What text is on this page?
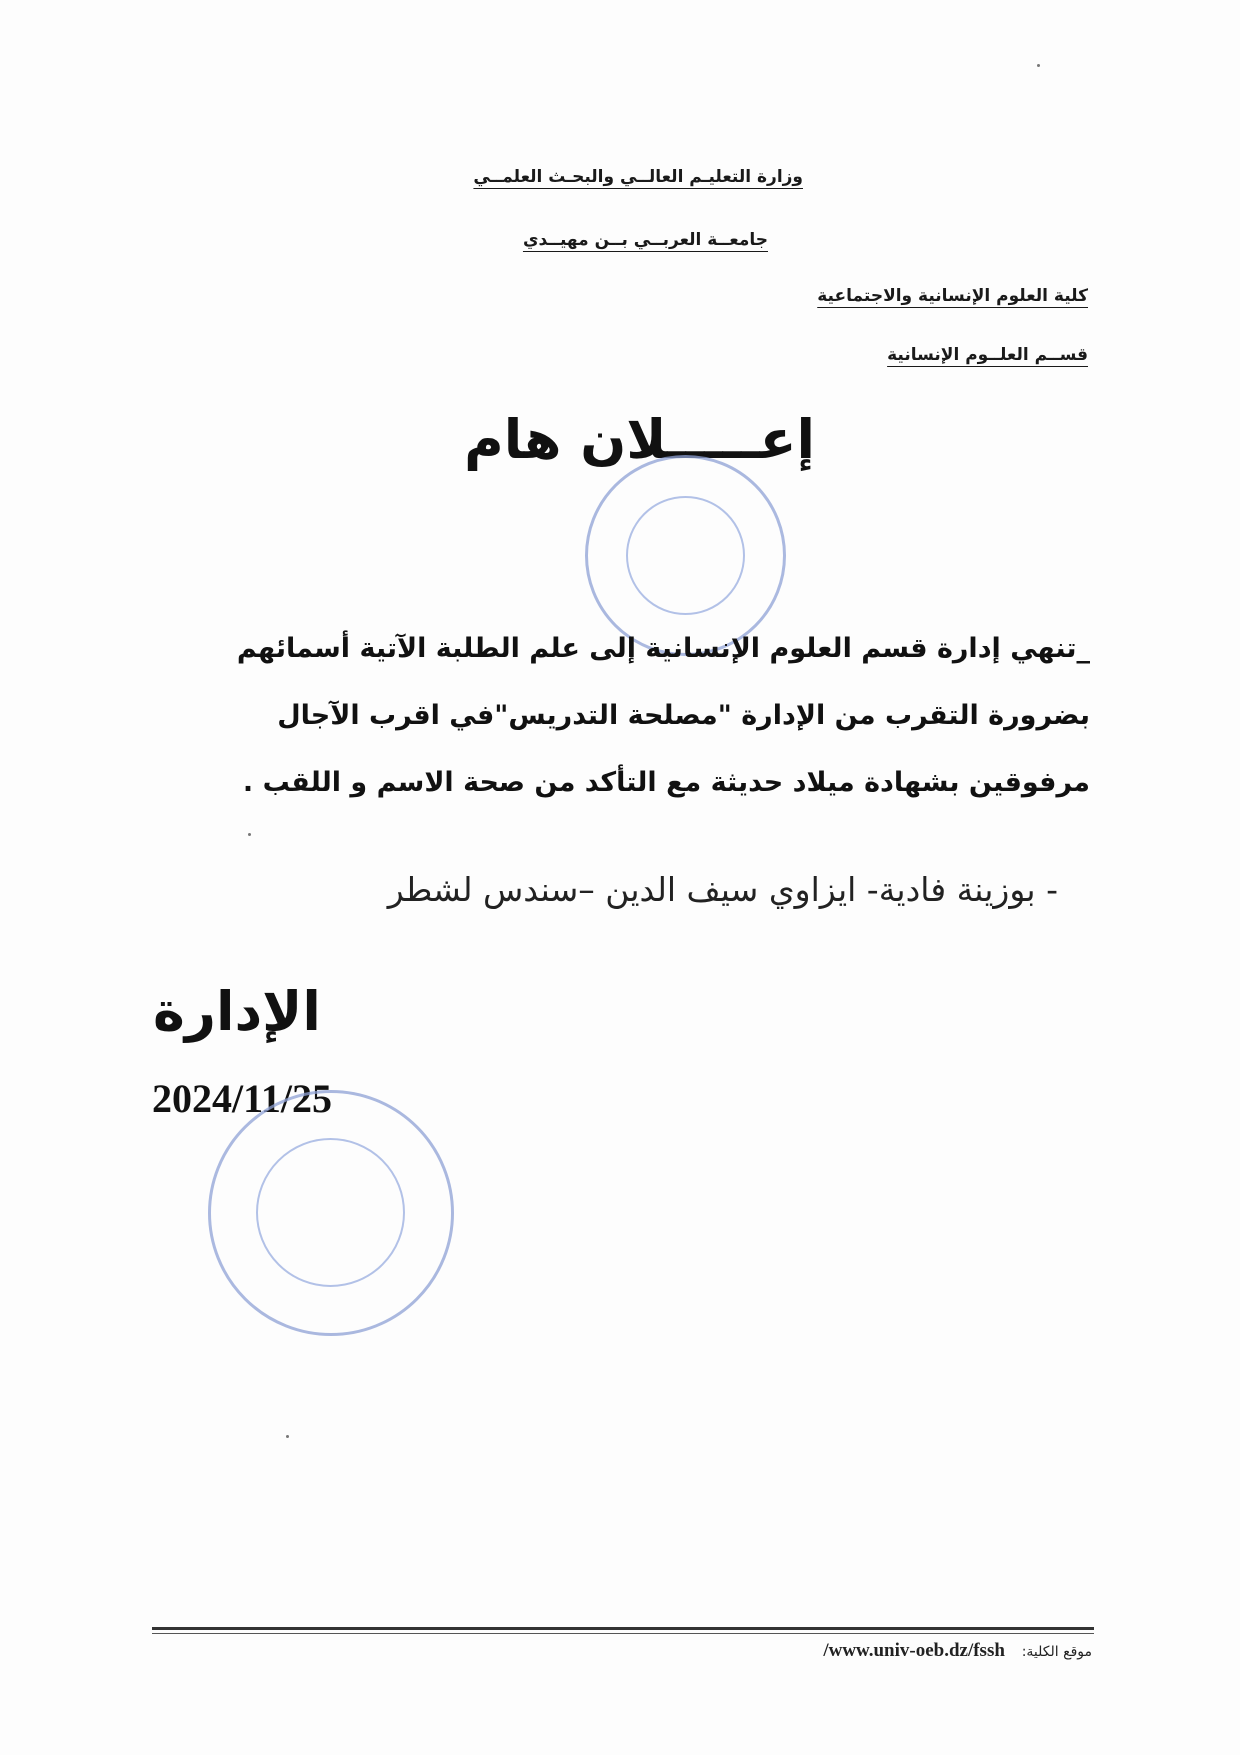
وزارة التعليـم العالــي والبحـث العلمــي
جامعــة العربــي بــن مهيــدي
كلية العلوم الإنسانية والاجتماعية
قســم العلــوم الإنسانية
إعـــــلان هام
_تنهي إدارة قسم العلوم الإنسانية إلى علم الطلبة الآتية أسمائهم
بضرورة التقرب من الإدارة "مصلحة التدريس"في اقرب الآجال
مرفوقين بشهادة ميلاد حديثة مع التأكد من صحة الاسم و اللقب .
- بوزينة فادية- ايزاوي سيف الدين –سندس لشطر
الإدارة
2024/11/25
موقع الكلية: www.univ-oeb.dz/fssh/
